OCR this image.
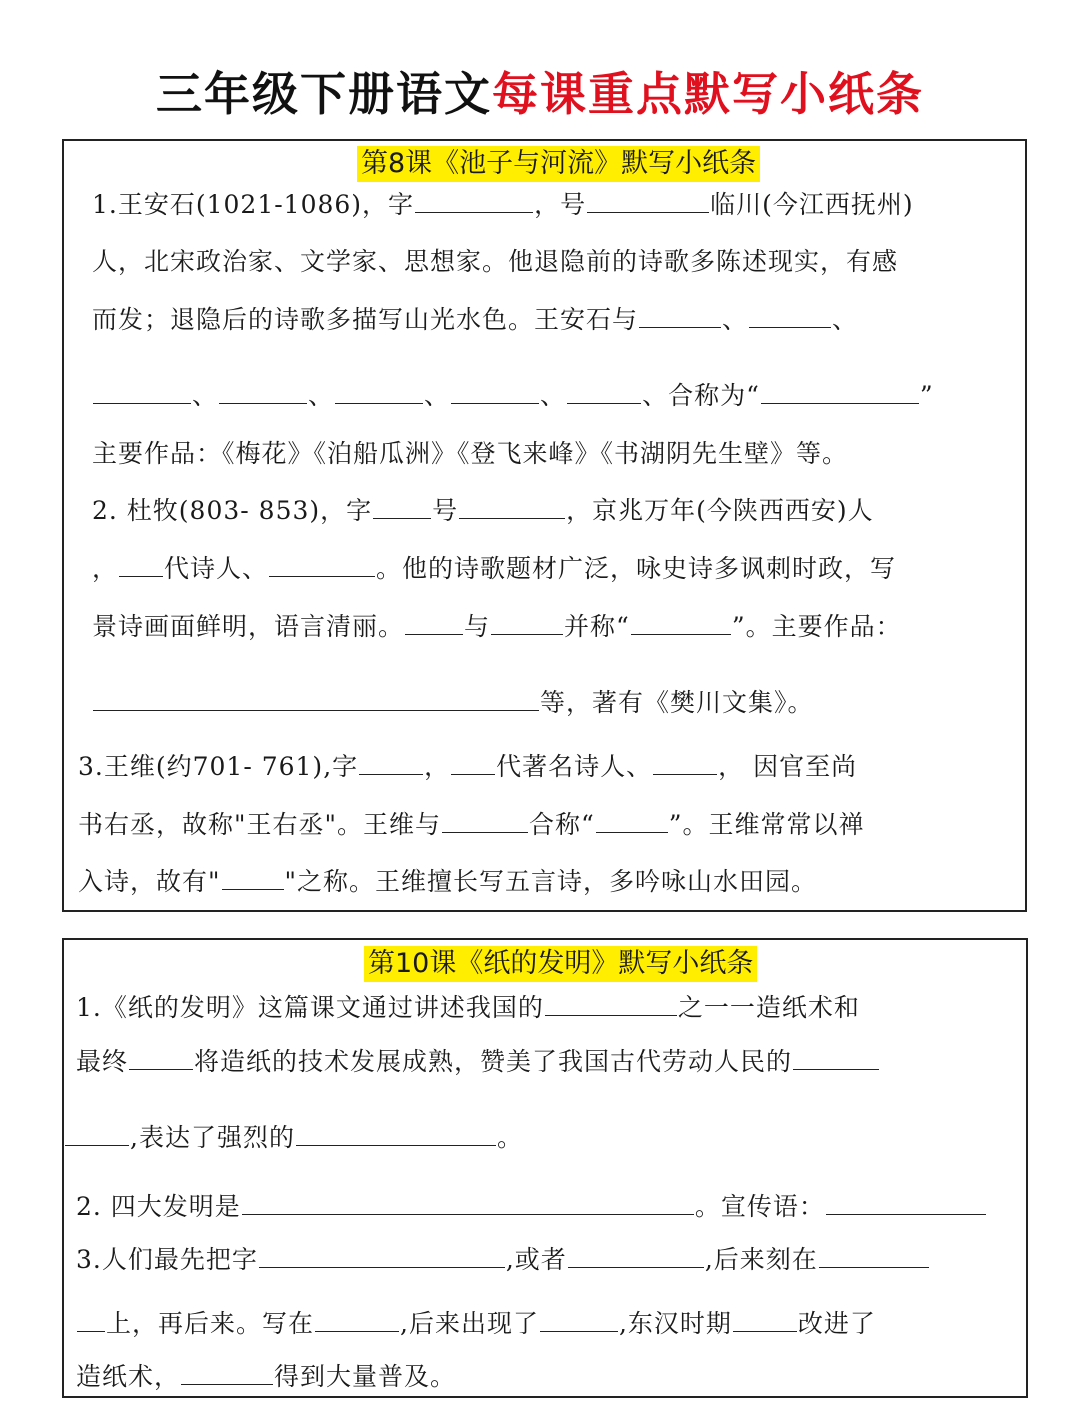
三年级下册语文每课重点默写小纸条
第8课《池子与河流》默写小纸条
1.王安石(1021-1086)，字	，号	临川(今江西抚州)
人，北宋政治家、文学家、思想家。他退隐前的诗歌多陈述现实，有感
而发；退隐后的诗歌多描写山光水色。王安石与	、	、
、	、	、	、	、合称为“	”
主要作品：《梅花》《泊船瓜洲》《登飞来峰》《书湖阴先生壁》等。
2. 杜牧(803- 853)，字 号	，京兆万年(今陕西西安)人
， 代诗人、	。他的诗歌题材广泛，咏史诗多讽刺时政，写
景诗画面鲜明，语言清丽。 与	并称“	”。主要作品：
等，著有《樊川文集》。
3.王维(约701- 761),字	， 代著名诗人、	， 因官至尚
书右丞，故称"王右丞"。王维与	合称“	”。王维常常以禅
入诗，故有"	"之称。王维擅长写五言诗，多吟咏山水田园。
第10课《纸的发明》默写小纸条
1.《纸的发明》这篇课文通过讲述我国的	之一一造纸术和
最终	将造纸的技术发展成熟，赞美了我国古代劳动人民的
,表达了强烈的	。
2. 四大发明是	。宣传语：
3.人们最先把字	,或者	,后来刻在
上，再后来。写在	,后来出现了	,东汉时期	改进了
造纸术，	得到大量普及。
